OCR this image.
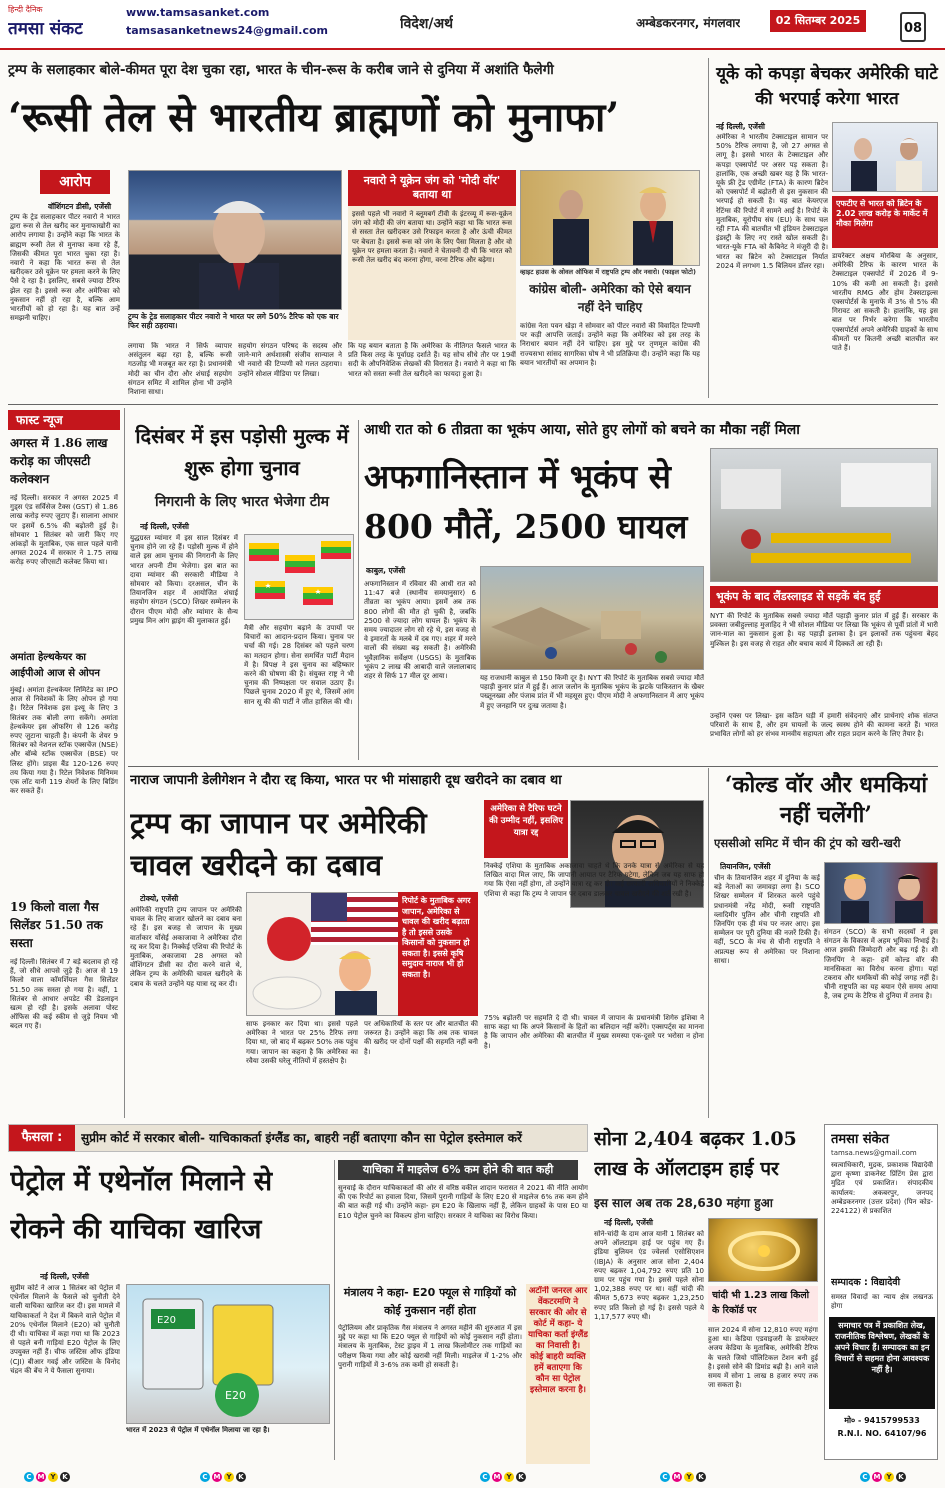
हिन्दी दैनिक
तमसा संकट
www.tamsasanket.com
tamsasanketnews24@gmail.com	विदेश/अर्थ	अम्बेडकरनगर, मंगलवार	02 सितम्बर 2025
08
ट्रम्प के सलाहकार बोले-कीमत पूरा देश चुका रहा, भारत के चीन-रूस के करीब जाने से दुनिया में अशांति फैलेगी
‘रूसी तेल से भारतीय ब्राह्मणों को मुनाफा’
आरोप
वॉशिंगटन डीसी, एजेंसी
ट्रम्प के ट्रेड सलाहकार पीटर नवारो ने भारत द्वारा रूस से तेल खरीद कर मुनाफाखोरी का आरोप लगाया है। उन्होंने कहा कि भारत के ब्राह्मण रूसी तेल से मुनाफा कमा रहे हैं, जिसकी कीमत पूरा भारत चुका रहा है। नवारो ने कहा कि भारत रूस से तेल खरीदकर उसे यूक्रेन पर हमला करने के लिए पैसे दे रहा है। इसलिए, सबसे ज्यादा टैरिफ झेल रहा है। इससे रूस और अमेरिका को नुकसान नहीं हो रहा है, बल्कि आम भारतीयों को हो रहा है। यह बात उन्हें समझनी चाहिए।	ट्रम्प के ट्रेड सलाहकार पीटर नवारो ने भारत पर लगे 50% टैरिफ को एक बार फिर सही ठहराया।
लगाया कि भारत ने सिर्फ व्यापार असंतुलन बढ़ा रहा है, बल्कि रूसी गठजोड़ भी मजबूत कर रहा है। प्रधानमंत्री मोदी का चीन दौरा और शंघाई सहयोग संगठन समिट में शामिल होना भी उन्होंने निशाना साधा।
सहयोग संगठन परिषद के सदस्य और जाने-माने अर्थशास्त्री संजीव सान्याल ने भी नवारो की टिप्पणी को गलत ठहराया। उन्होंने सोशल मीडिया पर लिखा।
कि यह बयान बताता है कि अमेरिका के नीतिगत फैसले भारत के प्रति किस तरह के पूर्वाग्रह दर्शाते हैं। यह सोच सीधे तौर पर 19वीं सदी के औपनिवेशिक लेखकों की विरासत है। नवारो ने कहा था कि भारत को सस्ता रूसी तेल खरीदने का फायदा हुआ है।
नवारो ने यूक्रेन जंग को 'मोदी वॉर' बताया था
इससे पहले भी नवारो ने ब्लूमबर्ग टीवी के इंटरव्यू में रूस-यूक्रेन जंग को मोदी की जंग बताया था। उन्होंने कहा था कि भारत रूस से सस्ता तेल खरीदकर उसे रिफाइन करता है और ऊंची कीमत पर बेचता है। इससे रूस को जंग के लिए पैसा मिलता है और वो यूक्रेन पर हमला करता है। नवारो ने चेतावनी दी थी कि भारत को रूसी तेल खरीद बंद करना होगा, वरना टैरिफ और बढ़ेगा।
व्हाइट हाउस के ओवल ऑफिस में राष्ट्रपति ट्रम्प और नवारो। (फाइल फोटो)
कांग्रेस बोली- अमेरिका को ऐसे बयान नहीं देने चाहिए
कांग्रेस नेता पवन खेड़ा ने सोमवार को पीटर नवारो की विवादित टिप्पणी पर कड़ी आपत्ति जताई। उन्होंने कहा कि अमेरिका को इस तरह के निराधार बयान नहीं देने चाहिए। इस मुद्दे पर तृणमूल कांग्रेस की राज्यसभा सांसद सागरिका घोष ने भी प्रतिक्रिया दी। उन्होंने कहा कि यह बयान भारतीयों का अपमान है।
यूके को कपड़ा बेचकर अमेरिकी घाटे की भरपाई करेगा भारत
नई दिल्ली, एजेंसी
अमेरिका ने भारतीय टेक्सटाइल सामान पर 50% टैरिफ लगाया है, जो 27 अगस्त से लागू है। इससे भारत के टेक्सटाइल और कपड़ा एक्सपोर्ट पर असर पड़ सकता है। हालांकि, एक अच्छी खबर यह है कि भारत-यूके फ्री ट्रेड एग्रीमेंट (FTA) के कारण ब्रिटेन को एक्सपोर्ट में बढ़ोतरी से इस नुकसान की भरपाई हो सकती है। यह बात केयरएज रेटिंग्स की रिपोर्ट में सामने आई है। रिपोर्ट के मुताबिक, यूरोपीय संघ (EU) के साथ चल रही FTA की बातचीत भी इंडियन टेक्सटाइल इंडस्ट्री के लिए नए रास्ते खोल सकती है। भारत-यूके FTA को कैबिनेट ने मंजूरी दी है। भारत का ब्रिटेन को टेक्सटाइल निर्यात 2024 में लगभग 1.5 बिलियन डॉलर रहा।
एफटीए से भारत को ब्रिटेन के 2.02 लाख करोड़ के मार्केट में मौका मिलेगा
डायरेक्टर अक्षय मोरबिया के अनुसार, अमेरिकी टैरिफ के कारण भारत के टेक्सटाइल एक्सपोर्ट में 2026 में 9-10% की कमी आ सकती है। इससे भारतीय RMG और होम टेक्सटाइल्स एक्सपोर्टर्स के मुनाफे में 3% से 5% की गिरावट आ सकती है। हालांकि, यह इस बात पर निर्भर करेगा कि भारतीय एक्सपोर्टर्स अपने अमेरिकी ग्राहकों के साथ कीमतों पर कितनी अच्छी बातचीत कर पाते हैं।
फास्ट न्यूज
अगस्त में 1.86 लाख करोड़ का जीएसटी कलेक्शन
नई दिल्ली। सरकार ने अगस्त 2025 में गुड्स एंड सर्विसेज टैक्स (GST) से 1.86 लाख करोड़ रुपए जुटाए हैं। सालाना आधार पर इसमें 6.5% की बढ़ोतरी हुई है। सोमवार 1 सितंबर को जारी किए गए आंकड़ों के मुताबिक, एक साल पहले यानी अगस्त 2024 में सरकार ने 1.75 लाख करोड़ रुपए जीएसटी कलेक्ट किया था।
अमांता हेल्थकेयर का आईपीओ आज से ओपन
मुंबई। अमांता हेल्थकेयर लिमिटेड का IPO आज से निवेशकों के लिए ओपन हो गया है। रिटेल निवेशक इस इश्यू के लिए 3 सितंबर तक बोली लगा सकेंगे। अमांता हेल्थकेयर इस ऑफरिंग से 126 करोड़ रुपए जुटाना चाहती है। कंपनी के शेयर 9 सितंबर को नेशनल स्टॉक एक्सचेंज (NSE) और बॉम्बे स्टॉक एक्सचेंज (BSE) पर लिस्ट होंगे। प्राइस बैंड 120-126 रुपए तय किया गया है। रिटेल निवेशक मिनिमम एक लॉट यानी 119 शेयरों के लिए बिडिंग कर सकते हैं।
19 किलो वाला गैस सिलेंडर 51.50 तक सस्ता
नई दिल्ली। सितंबर में 7 बड़े बदलाव हो रहे हैं, जो सीधे आपसे जुड़े हैं। आज से 19 किलो वाला कॉमर्शियल गैस सिलेंडर 51.50 तक सस्ता हो गया है। वहीं, 1 सितंबर से आधार अपडेट की डेडलाइन खत्म हो रही है। इसके अलावा पोस्ट ऑफिस की कई स्कीम से जुड़े नियम भी बदल गए हैं।
दिसंबर में इस पड़ोसी मुल्क में शुरू होगा चुनाव
निगरानी के लिए भारत भेजेगा टीम
नई दिल्ली, एजेंसी
युद्धग्रस्त म्यांमार में इस साल दिसंबर में चुनाव होने जा रहे हैं। पड़ोसी मुल्क में होने वाले इस आम चुनाव की निगरानी के लिए भारत अपनी टीम भेजेगा। इस बात का दावा म्यांमार की सरकारी मीडिया ने सोमवार को किया। दरअसल, चीन के तियानजिन शहर में आयोजित शंघाई सहयोग संगठन (SCO) शिखर सम्मेलन के दौरान पीएम मोदी और म्यांमार के सैन्य प्रमुख मिन आंग ह्लाइंग की मुलाकात हुई।
मैत्री और सहयोग बढ़ाने के उपायों पर विचारों का आदान-प्रदान किया। चुनाव पर चर्चा की गई। 28 दिसंबर को पहले चरण का मतदान होगा। सेना समर्थित पार्टी मैदान में है। विपक्ष ने इस चुनाव का बहिष्कार करने की घोषणा की है। संयुक्त राष्ट्र ने भी चुनाव की निष्पक्षता पर सवाल उठाए हैं। पिछले चुनाव 2020 में हुए थे, जिसमें आंग सान सू की की पार्टी ने जीत हासिल की थी।
आधी रात को 6 तीव्रता का भूकंप आया, सोते हुए लोगों को बचने का मौका नहीं मिला
अफगानिस्तान में भूकंप से 800 मौतें, 2500 घायल
काबुल, एजेंसी
अफगानिस्तान में रविवार की आधी रात को 11:47 बजे (स्थानीय समयानुसार) 6 तीव्रता का भूकंप आया। इसमें अब तक 800 लोगों की मौत हो चुकी है, जबकि 2500 से ज्यादा लोग घायल हैं। भूकंप के समय ज्यादातर लोग सो रहे थे, इस वजह से वे इमारतों के मलबे में दब गए। शहर में मरने वालों की संख्या बढ़ सकती है। अमेरिकी भूवैज्ञानिक सर्वेक्षण (USGS) के मुताबिक भूकंप 2 लाख की आबादी वाले जलालाबाद शहर से सिर्फ 17 मील दूर आया।	यह राजधानी काबुल से 150 किमी दूर है। NYT की रिपोर्ट के मुताबिक सबसे ज्यादा मौतें पहाड़ी कुनार प्रांत में हुई हैं। आज जलोन के मुताबिक भूकंप के झटके पाकिस्तान के खैबर पख्तूनख्वा और पंजाब प्रांत में भी महसूस हुए। पीएम मोदी ने अफगानिस्तान में आए भूकंप में हुए जनहानि पर दुःख जताया है।
भूकंप के बाद लैंडस्लाइड से सड़कें बंद हुईं
NYT की रिपोर्ट के मुताबिक सबसे ज्यादा मौतें पहाड़ी कुनार प्रांत में हुई हैं। सरकार के प्रवक्ता जबीहुल्लाह मुजाहिद ने भी सोशल मीडिया पर लिखा कि भूकंप से पूर्वी प्रांतों में भारी जान-माल का नुकसान हुआ है। यह पहाड़ी इलाका है। इन इलाकों तक पहुंचना बेहद मुश्किल है। इस वजह से राहत और बचाव कार्य में दिक्कतें आ रही हैं।
उन्होंने एक्स पर लिखा- इस कठिन घड़ी में हमारी संवेदनाएं और प्रार्थनाएं शोक संतप्त परिवारों के साथ हैं, और हम घायलों के जल्द स्वस्थ होने की कामना करते हैं। भारत प्रभावित लोगों को हर संभव मानवीय सहायता और राहत प्रदान करने के लिए तैयार है।
नाराज जापानी डेलीगेशन ने दौरा रद्द किया, भारत पर भी मांसाहारी दूध खरीदने का दबाव था
ट्रम्प का जापान पर अमेरिकी चावल खरीदने का दबाव
टोक्यो, एजेंसी
अमेरिकी राष्ट्रपति ट्रम्प जापान पर अमेरिकी चावल के लिए बाजार खोलने का दबाव बना रहे हैं। इस बजह से जापान के मुख्य वार्ताकार र्योसेई अकाजावा ने अमेरिका दौरा रद्द कर दिया है। निक्केई एशिया की रिपोर्ट के मुताबिक, अकाजावा 28 अगस्त को वॉशिंगटन डीसी का दौरा करने वाले थे, लेकिन ट्रम्प के अमेरिकी चावल खरीदने के दबाव के चलते उन्होंने यह यात्रा रद्द कर दी।
रिपोर्ट के मुताबिक अगर जापान, अमेरिका से चावल की खरीद बढ़ाता है तो इससे उसके किसानों को नुकसान हो सकता है। इससे कृषि समुदाय नाराज भी हो सकता है।
साफ इनकार कर दिया था। इससे पहले अमेरिका ने भारत पर 25% टैरिफ लगा दिया था, जो बाद में बढ़कर 50% तक पहुंच गया। जापान का कहना है कि अमेरिका का रवैया उसकी घरेलू नीतियों में हस्तक्षेप है।
पर अधिकारियों के स्तर पर और बातचीत की जरूरत है। उन्होंने कहा कि अब तक चावल की खरीद पर दोनों पक्षों की सहमति नहीं बनी है।
अमेरिका से टैरिफ घटने की उम्मीद नहीं, इसलिए यात्रा रद्द
निक्केई एशिया के मुताबिक अकाजावा चाहते थे कि उनके यात्रा से अमेरिका से यह लिखित वादा मिल जाए, कि जापानी आयात पर टैरिफ घटेगा, लेकिन जब यह साफ हो गया कि ऐसा नहीं होगा, तो उन्होंने यात्रा रद्द कर दी। कई सरकारी अधिकारियों ने निक्केई एशिया से कहा कि ट्रम्प ने जापान पर दबाव डालकर चावल खरीदने की शर्त रखी है।
75% बढ़ोतरी पर सहमति दे दी थी। चावल में जापान के प्रधानमंत्री शिगेरु इशिबा ने साफ कहा था कि अपने किसानों के हितों का बलिदान नहीं करेंगे। एक्सपर्ट्स का मानना है कि जापान और अमेरिका की बातचीत में मुख्य समस्या एक-दूसरे पर भरोसा न होना है।
‘कोल्ड वॉर और धमकियां नहीं चलेंगी’
एससीओ समिट में चीन की ट्रंप को खरी-खरी
तियानजिन, एजेंसी
चीन के तियानजिन शहर में दुनिया के कई बड़े नेताओं का जमावड़ा लगा है। SCO शिखर सम्मेलन में शिरकत करने पहुंचे प्रधानमंत्री नरेंद्र मोदी, रूसी राष्ट्रपति व्लादिमीर पुतिन और चीनी राष्ट्रपति शी जिनपिंग एक ही मंच पर नजर आए। इस सम्मेलन पर पूरी दुनिया की नजरें टिकी हैं। वहीं, SCO के मंच से चीनी राष्ट्रपति ने अप्रत्यक्ष रूप से अमेरिका पर निशाना साधा।
संगठन (SCO) के सभी सदस्यों ने इस संगठन के विकास में अहम भूमिका निभाई है। आज इसकी जिम्मेदारी और बढ़ गई है। शी जिनपिंग ने कहा- हमें कोल्ड वॉर की मानसिकता का विरोध करना होगा। यहां टकराव और धमकियों की कोई जगह नहीं है। चीनी राष्ट्रपति का यह बयान ऐसे समय आया है, जब ट्रम्प के टैरिफ से दुनिया में तनाव है।
फैसला :	सुप्रीम कोर्ट में सरकार बोली- याचिकाकर्ता इंग्लैंड का, बाहरी नहीं बताएगा कौन सा पेट्रोल इस्तेमाल करें
पेट्रोल में एथेनॉल मिलाने से रोकने की याचिका खारिज
नई दिल्ली, एजेंसी
सुप्रीम कोर्ट ने आज 1 सितंबर को पेट्रोल में एथेनॉल मिलाने के फैसले को चुनौती देने वाली याचिका खारिज कर दी। इस मामले में याचिकाकर्ता ने देश में बिकने वाले पेट्रोल में 20% एथेनॉल मिलाने (E20) को चुनौती दी थी। याचिका में कहा गया था कि 2023 से पहले बनी गाड़ियां E20 पेट्रोल के लिए उपयुक्त नहीं हैं। चीफ जस्टिस ऑफ इंडिया (CJI) बीआर गवई और जस्टिस के विनोद चंद्रन की बेंच ने ये फैसला सुनाया।
E20
E20
भारत में 2023 से पेट्रोल में एथेनॉल मिलाया जा रहा है।
याचिका में माइलेज 6% कम होने की बात कही
सुनवाई के दौरान याचिकाकर्ता की ओर से वरिष्ठ वकील शादान फरासत ने 2021 की नीति आयोग की एक रिपोर्ट का हवाला दिया, जिसमें पुरानी गाड़ियों के लिए E20 से माइलेज 6% तक कम होने की बात कही गई थी। उन्होंने कहा- हम E20 के खिलाफ नहीं हैं, लेकिन ग्राहकों के पास E0 या E10 पेट्रोल चुनने का विकल्प होना चाहिए। सरकार ने याचिका का विरोध किया।
मंत्रालय ने कहा- E20 फ्यूल से गाड़ियों को कोई नुकसान नहीं होता
पेट्रोलियम और प्राकृतिक गैस मंत्रालय ने अगस्त महीने की शुरुआत में इस मुद्दे पर कहा था कि E20 फ्यूल से गाड़ियों को कोई नुकसान नहीं होता। मंत्रालय के मुताबिक, टेस्ट ड्राइव में 1 लाख किलोमीटर तक गाड़ियों का परीक्षण किया गया और कोई खराबी नहीं मिली। माइलेज में 1-2% और पुरानी गाड़ियों में 3-6% तक कमी हो सकती है।
अटॉर्नी जनरल आर वेंकटरमणि ने सरकार की ओर से कोर्ट में कहा- ये याचिका कर्ता इंग्लैंड का निवासी है। कोई बाहरी व्यक्ति हमें बताएगा कि कौन सा पेट्रोल इस्तेमाल करना है।
सोना 2,404 बढ़कर 1.05 लाख के ऑलटाइम हाई पर
इस साल अब तक 28,630 महंगा हुआ
नई दिल्ली, एजेंसी
सोने-चांदी के दाम आज यानी 1 सितंबर को अपने ऑलटाइम हाई पर पहुंच गए हैं। इंडिया बुलियन एंड ज्वेलर्स एसोसिएशन (IBJA) के अनुसार आज सोना 2,404 रुपए बढ़कर 1,04,792 रुपए प्रति 10 ग्राम पर पहुंच गया है। इससे पहले सोना 1,02,388 रुपए पर था। वहीं चांदी की कीमत 5,673 रुपए बढ़कर 1,23,250 रुपए प्रति किलो हो गई है। इससे पहले ये 1,17,577 रुपए थी।
चांदी भी 1.23 लाख किलो के रिकॉर्ड पर
साल 2024 में सोना 12,810 रुपए महंगा हुआ था। केडिया एडवाइजरी के डायरेक्टर अजय केडिया के मुताबिक, अमेरिकी टैरिफ के चलते जियो पॉलिटिकल टेंशन बनी हुई है। इससे सोने की डिमांड बढ़ी है। आने वाले समय में सोना 1 लाख 8 हजार रुपए तक जा सकता है।
तमसा संकेत
tamsa.news@gmail.com
स्वत्वाधिकारी, मुद्रक, प्रकाशक विद्यादेवी द्वारा कृष्णा डाकनेस्ट प्रिंटिंग प्रेस द्वारा मुद्रित एवं प्रकाशित। संपादकीय कार्यालय: अकबरपुर, जनपद अम्बेडकरनगर (उत्तर प्रदेश) (पिन कोड- 224122) से प्रकाशित
सम्पादक : विद्यादेवी
समस्त विवादों का न्याय क्षेत्र लखनऊ होगा
समाचार पत्र में प्रकाशित लेख, राजनीतिक विश्लेषण, लेखकों के अपने विचार हैं। सम्पादक का इन विचारों से सहमत होना आवश्यक नहीं है।
मो० - 9415799533
R.N.I. NO. 64107/96
C M Y K	C M Y K	C M Y K	C M Y K	C M Y K
